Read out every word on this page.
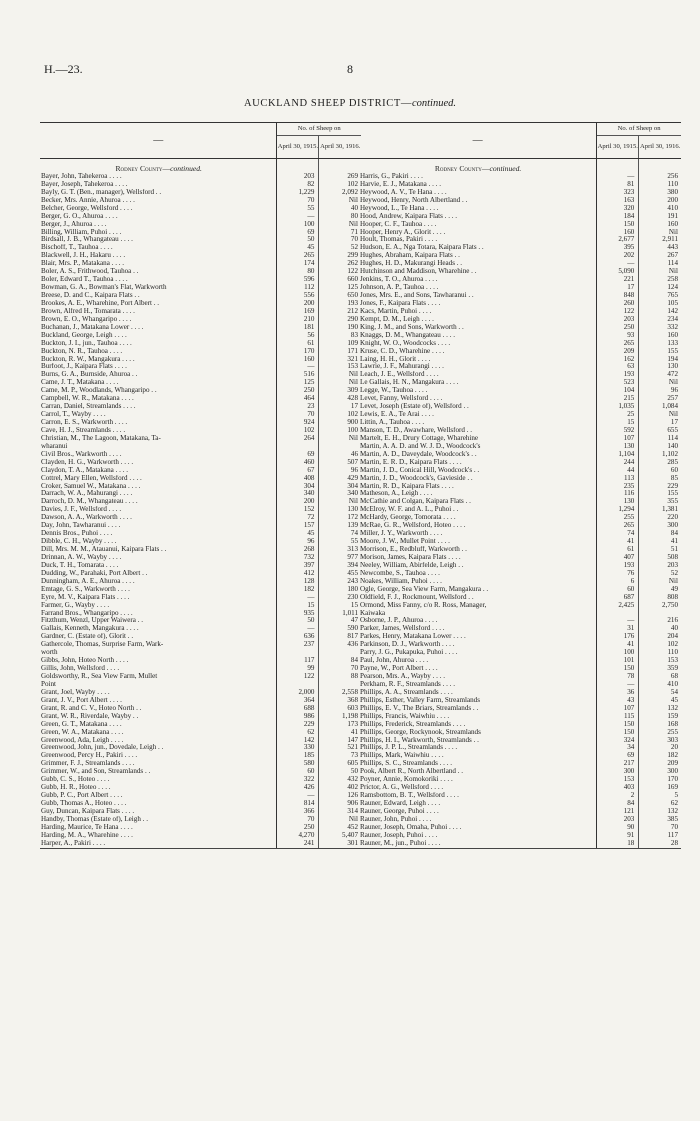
H.—23.	8
AUCKLAND SHEEP DISTRICT—continued.
—	No. of Sheep on	
	April 30, 1915.	April 30, 1916.

Rodney County—continued.		
Bayer, John, Tahekeroa . . . .	203	269
Bayer, Joseph, Tahekeroa . . . .	82	102
Bayly, G. T. (Ben., manager), Wellsford . .	1,229	2,092
Becker, Mrs. Annie, Ahuroa . . . .	70	Nil
Belcher, George, Wellsford . . . .	55	40
Berger, G. O., Ahuroa . . . .	—	80
Berger, J., Ahuroa . . . .	100	Nil
Billing, William, Puhoi . . . .	69	71
Birdsall, J. B., Whangateau . . . .	50	70
Bischoff, T., Tauhoa . . . .	45	52
Blackwell, J. H., Hakaru . . . .	265	299
Blair, Mrs. P., Matakana . . . .	174	262
Boler, A. S., Frithwood, Tauhoa . .	80	122
Boler, Edward T., Tauhoa . . . .	596	660
Bowman, G. A., Bowman's Flat, Warkworth	112	125
Breese, D. and C., Kaipara Flats . .	556	650
Brookes, A. E., Wharehine, Port Albert . .	200	193
Brown, Alfred H., Tomarata . . . .	169	212
Brown, E. O., Whangaripo . . . .	210	290
Buchanan, J., Matakana Lower . . . .	181	190
Buckland, George, Leigh . . . .	56	83
Buckton, J. I., jun., Tauhoa . . . .	61	109
Buckton, N. R., Tauhoa . . . .	170	171
Buckton, R. W., Mangakura . . . .	160	321
Burfoot, J., Kaipara Flats . . . .	—	153
Burns, G. A., Burnside, Ahuroa . .	516	Nil
Came, J. T., Matakana . . . .	125	Nil
Came, M. P., Woodlands, Whangaripo . .	250	309
Campbell, W. R., Matakana . . . .	464	428
Carran, Daniel, Streamlands . . . .	23	17
Carrol, T., Wayby . . . .	70	102
Carron, E. S., Warkworth . . . .	924	900
Cave, H. J., Streamlands . . . .	102	100
Christian, M., The Lagoon, Matakana, Ta-	264	Nil
wharanui		
Civil Bros., Warkworth . . . .	69	46
Clayden, H. G., Warkworth . . . .	460	507
Claydon, T. A., Matakana . . . .	67	96
Cottrel, Mary Ellen, Wellsford . . . .	408	429
Croker, Samuel W., Matakana . . . .	304	304
Darrach, W. A., Mahurangi . . . .	340	340
Darroch, D. M., Whangateau . . . .	200	Nil
Davies, J. F., Wellsford . . . .	152	130
Dawson, A. A., Warkworth . . . .	72	172
Day, John, Tawharanui . . . .	157	139
Dennis Bros., Puhoi . . . .	45	74
Dibble, C. H., Wayby . . . .	96	55
Dill, Mrs. M. M., Atauanui, Kaipara Flats . .	268	313
Drinnan, A. W., Wayby . . . .	732	977
Duck, T. H., Tomarata . . . .	397	394
Dudding, W., Parahaki, Port Albert . .	412	455
Dunningham, A. E., Ahuroa . . . .	128	243
Emtage, G. S., Warkworth . . . .	182	180
Eyre, M. V., Kaipara Flats . . . .	—	230
Farmer, G., Wayby . . . .	15	15
Farrand Bros., Whangaripo . . . .	935	1,011
Fitzthum, Wenzl, Upper Waiwera . .	50	47
Gallais, Kenneth, Mangakura . . . .	—	590
Gardner, C. (Estate of), Glorit . .	636	817
Gathercole, Thomas, Surprise Farm, Wark-	237	436
worth		
Gibbs, John, Hoteo North . . . .	117	84
Gillis, John, Wellsford . . . .	99	70
Goldsworthy, R., Sea View Farm, Mullet	122	88
Point		
Grant, Joel, Wayby . . . .	2,000	2,558
Grant, J. V., Port Albert . . . .	364	368
Grant, R. and C. V., Hoteo North . .	688	603
Grant, W. R., Riverdale, Wayby . .	986	1,198
Green, G. T., Matakana . . . .	229	173
Green, W. A., Matakana . . . .	62	41
Greenwood, Ada, Leigh . . . .	142	147
Greenwood, John, jun., Dovedale, Leigh . .	330	521
Greenwood, Percy H., Pakiri . . . .	185	73
Grimmer, F. J., Streamlands . . . .	580	605
Grimmer, W., and Son, Streamlands . .	60	50
Gubb, C. S., Hoteo . . . .	322	432
Gubb, H. R., Hoteo . . . .	426	402
Gubb, P. C., Port Albert . . . .	—	126
Gubb, Thomas A., Hoteo . . . .	814	906
Guy, Duncan, Kaipara Flats . . . .	366	314
Handby, Thomas (Estate of), Leigh . .	70	Nil
Harding, Maurice, Te Hana . . . .	250	452
Harding, M. A., Wharehine . . . .	4,270	5,407
Harper, A., Pakiri . . . .	241	301
—	No. of Sheep on	
	April 30, 1915.	April 30, 1916.

Rodney County—continued.		
Harris, G., Pakiri . . . .	—	256
Harvie, E. J., Matakana . . . .	81	110
Heywood, A. V., Te Hana . . . .	323	380
Heywood, Henry, North Albertland . .	163	200
Heywood, L., Te Hana . . . .	320	410
Hood, Andrew, Kaipara Flats . . . .	184	191
Hooper, C. F., Tauhoa . . . .	150	160
Hooper, Henry A., Glorit . . . .	160	Nil
Hoult, Thomas, Pakiri . . . .	2,677	2,911
Hudson, E. A., Nga Totara, Kaipara Flats . .	395	443
Hughes, Abraham, Kaipara Flats . .	202	267
Hughes, H. D., Makurangi Heads . .	—	114
Hutchinson and Maddison, Wharehine . .	5,090	Nil
Jenkins, T. O., Ahuroa . . . .	221	258
Johnson, A. P., Tauhoa . . . .	17	124
Jones, Mrs. E., and Sons, Tawharanui . .	848	765
Jones, F., Kaipara Flats . . . .	260	105
Kacs, Martin, Puhoi . . . .	122	142
Kempt, D. M., Leigh . . . .	203	234
King, J. M., and Sons, Warkworth . .	250	332
Knaggs, D. M., Whangateau . . . .	93	160
Knight, W. O., Woodcocks . . . .	265	133
Kruse, C. D., Wharehine . . . .	209	155
Laing, H. H., Glorit . . . .	162	194
Lawrie, J. F., Mahurangi . . . .	63	130
Leach, J. E., Wellsford . . . .	193	472
Le Gallais, H. N., Mangakura . . . .	523	Nil
Legge, W., Tauhoa . . . .	104	96
Levet, Fanny, Wellsford . . . .	215	257
Levet, Joseph (Estate of), Wellsford . .	1,035	1,084
Lewis, E. A., Te Arai . . . .	25	Nil
Littin, A., Tauhoa . . . .	15	17
Manson, T. D., Awawhare, Wellsford . .	592	655
Martelt, E. H., Drury Cottage, Wharehine	107	114
Martin, A. A. D. and W. J. D., Woodcock's	130	140
Martin, A. D., Daveydale, Woodcock's . .	1,104	1,102
Martin, E. R. D., Kaipara Flats . . . .	244	285
Martin, J. D., Conical Hill, Woodcock's . .	44	60
Martin, J. D., Woodcock's, Gavieside . .	113	85
Martin, R. D., Kaipara Flats . . . .	235	229
Matheson, A., Leigh . . . .	116	155
McCathie and Colgan, Kaipara Flats . .	130	355
McElroy, W. F. and A. L., Puhoi . .	1,294	1,381
McHardy, George, Tomorata . . . .	255	220
McRae, G. R., Wellsford, Hoteo . . . .	265	300
Miller, J. Y., Warkworth . . . .	74	84
Moore, J. W., Mullet Point . . . .	41	41
Morrison, E., Redbluff, Warkworth . .	61	51
Morison, James, Kaipara Flats . . . .	407	508
Neeley, William, Abirfelde, Leigh . .	193	203
Newcombe, S., Tauhoa . . . .	76	52
Noakes, William, Puhoi . . . .	6	Nil
Ogle, George, Sea View Farm, Mangakura . .	60	49
Oldfield, F. J., Rockmount, Wellsford . .	687	808
Ormond, Miss Fanny, c/o R. Ross, Manager,	2,425	2,750
Kaiwaka		
Osborne, J. P., Ahuroa . . . .	—	216
Parker, James, Wellsford . . . .	31	40
Parkes, Henry, Matakana Lower . . . .	176	204
Parkinson, D. J., Warkworth . . . .	41	102
Parry, J. G., Pukapuka, Puhoi . . . .	100	110
Paul, John, Ahuroa . . . .	101	153
Payne, W., Port Albert . . . .	150	359
Pearson, Mrs. A., Wayby . . . .	78	68
Perkham, R. F., Streamlands . . . .	—	410
Phillips, A. A., Streamlands . . . .	36	54
Phillips, Esther, Valley Farm, Streamlands	43	45
Phillips, E. V., The Briars, Streamlands . .	107	132
Phillips, Francis, Waiwhiu . . . .	115	159
Phillips, Frederick, Streamlands . . . .	150	168
Phillips, George, Rockynook, Streamlands	150	255
Phillips, H. I., Warkworth, Streamlands . .	324	303
Phillips, J. P. L., Streamlands . . . .	34	20
Phillips, Mark, Waiwhiu . . . .	69	182
Phillips, S. C., Streamlands . . . .	217	209
Pook, Albert R., North Albertland . .	300	300
Poyner, Annie, Komokoriki . . . .	153	170
Prictor, A. G., Wellsford . . . .	403	169
Ramsbottom, B. T., Wellsford . . . .	2	5
Rauner, Edward, Leigh . . . .	84	62
Rauner, George, Puhoi . . . .	121	132
Rauner, John, Puhoi . . . .	203	385
Rauner, Joseph, Omaha, Puhoi . . . .	90	70
Rauner, Joseph, Puhoi . . . .	91	117
Rauner, M., jun., Puhoi . . . .	18	28
